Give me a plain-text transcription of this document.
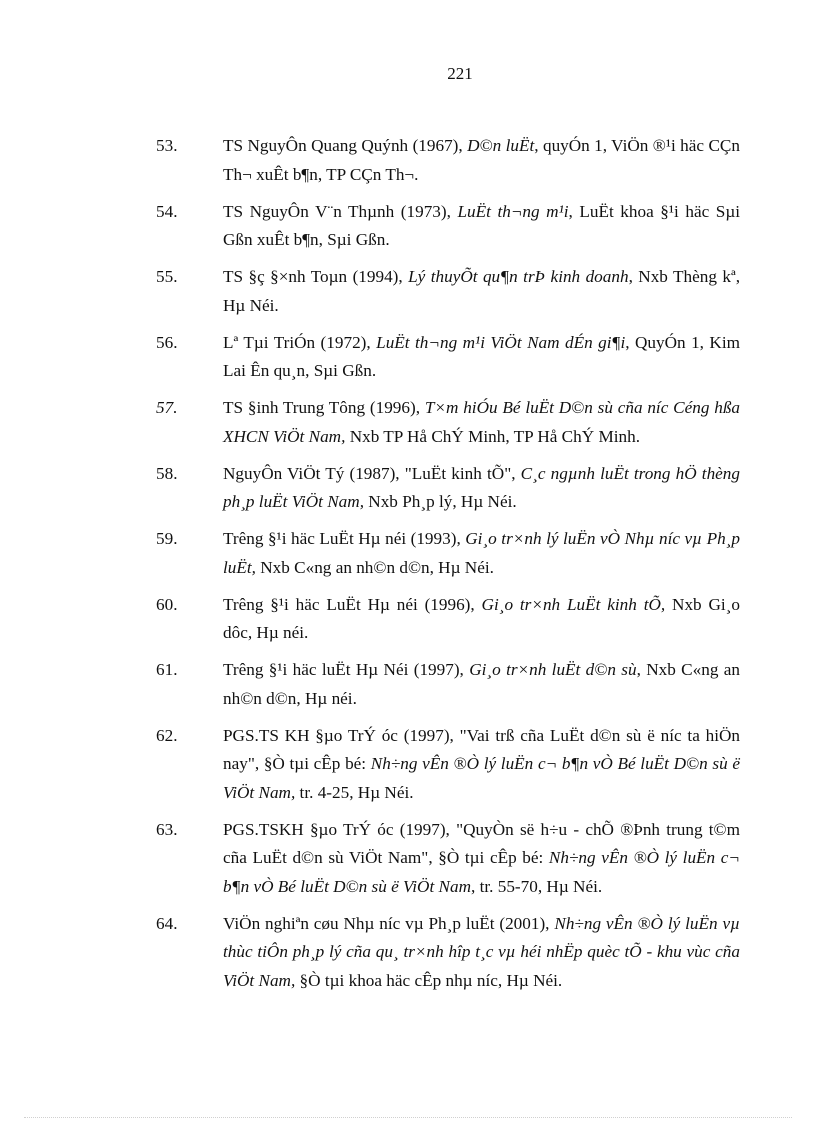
221
53.	TS NguyÔn Quang Quýnh (1967), D©n luËt, quyÓn 1, ViÖn ®¹i häc CÇn Th¬ xuÊt b¶n, TP CÇn Th¬.
54.	TS NguyÔn V¨n Thµnh (1973), LuËt th¬ng m¹i, LuËt khoa §¹i häc Sµi Gßn xuÊt b¶n, Sµi Gßn.
55.	TS §ç §×nh Toµn (1994), Lý thuyÕt qu¶n trÞ kinh doanh, Nxb Thèng kª, Hµ Néi.
56.	Lª Tµi TriÓn (1972), LuËt th¬ng m¹i ViÖt Nam dÉn gi¶i, QuyÓn 1, Kim Lai Ên qu¸n, Sµi Gßn.
57.	TS §inh Trung Tông (1996), T×m hiÓu Bé luËt D©n sù cña níc Céng hßa XHCN ViÖt Nam, Nxb TP Hå ChÝ Minh, TP Hå ChÝ Minh.
58.	NguyÔn ViÖt Tý (1987), "LuËt kinh tÕ", C¸c ngµnh luËt trong hÖ thèng ph¸p luËt ViÖt Nam, Nxb Ph¸p lý, Hµ Néi.
59.	Trêng §¹i häc LuËt Hµ néi (1993), Gi¸o tr×nh lý luËn vÒ Nhµ níc vµ Ph¸p luËt, Nxb C«ng an nh©n d©n, Hµ Néi.
60.	Trêng §¹i häc LuËt Hµ néi (1996), Gi¸o tr×nh LuËt kinh tÕ, Nxb Gi¸o dôc, Hµ néi.
61.	Trêng §¹i häc luËt Hµ Néi (1997), Gi¸o tr×nh luËt d©n sù, Nxb C«ng an nh©n d©n, Hµ néi.
62.	PGS.TS KH §µo TrÝ óc (1997), "Vai trß cña LuËt d©n sù ë níc ta hiÖn nay", §Ò tµi cÊp bé: Nh÷ng vÊn ®Ò lý luËn c¬ b¶n vÒ Bé luËt D©n sù ë ViÖt Nam, tr. 4-25, Hµ Néi.
63.	PGS.TSKH §µo TrÝ óc (1997), "QuyÒn së h÷u - chÕ ®Þnh trung t©m cña LuËt d©n sù ViÖt Nam", §Ò tµi cÊp bé: Nh÷ng vÊn ®Ò lý luËn c¬ b¶n vÒ Bé luËt D©n sù ë ViÖt Nam, tr. 55-70, Hµ Néi.
64.	ViÖn nghiªn cøu Nhµ níc vµ Ph¸p luËt (2001), Nh÷ng vÊn ®Ò lý luËn vµ thùc tiÔn ph¸p lý cña qu¸ tr×nh hîp t¸c vµ héi nhËp quèc tÕ - khu vùc cña ViÖt Nam, §Ò tµi khoa häc cÊp nhµ níc, Hµ Néi.
